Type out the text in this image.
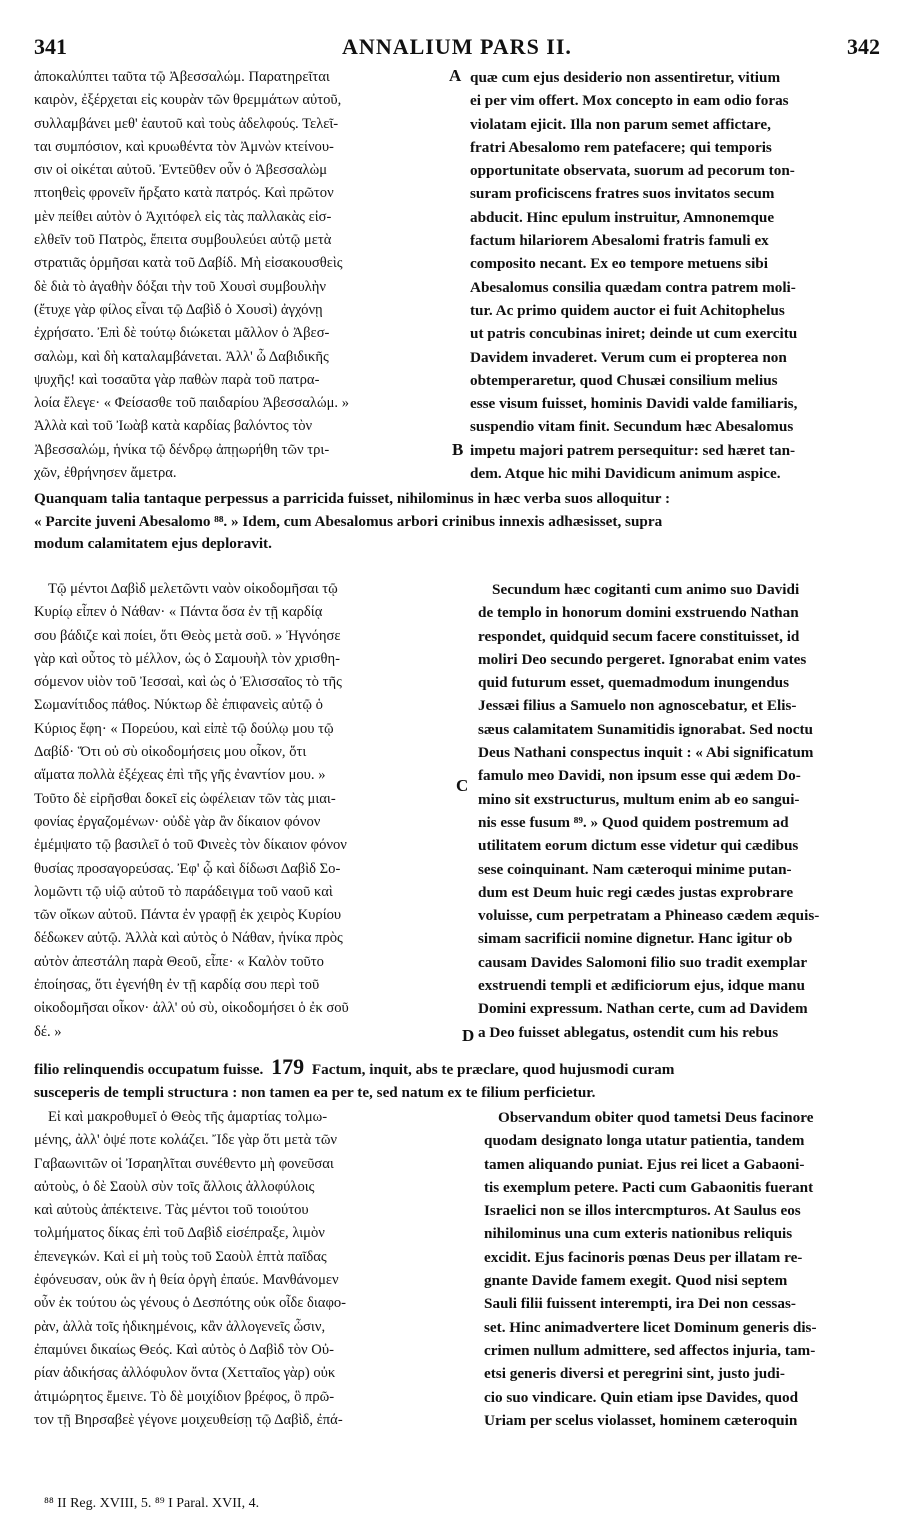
341	ANNALIUM PARS II.	342
A
B
C
D
ἀποκαλύπτει ταῦτα τῷ Ἀβεσσαλώμ. Παρατηρεῖται
καιρὸν, ἐξέρχεται εἰς κουρὰν τῶν θρεμμάτων αὐτοῦ,
συλλαμβάνει μεθ' ἑαυτοῦ καὶ τοὺς ἀδελφούς. Τελεῖ-
ται συμπόσιον, καὶ κρυωθέντα τὸν Ἀμνὼν κτείνου-
σιν οἱ οἰκέται αὐτοῦ. Ἐντεῦθεν οὖν ὁ Ἀβεσσαλὼμ
πτοηθεὶς φρονεῖν ἤρξατο κατὰ πατρός. Καὶ πρῶτον
μὲν πείθει αὐτὸν ὁ Ἀχιτόφελ εἰς τὰς παλλακὰς εἰσ-
ελθεῖν τοῦ Πατρὸς, ἔπειτα συμβουλεύει αὐτῷ μετὰ
στρατιᾶς ὁρμῆσαι κατὰ τοῦ Δαβίδ. Μὴ εἰσακουσθεὶς
δὲ διὰ τὸ ἀγαθὴν δόξαι τὴν τοῦ Χουσὶ συμβουλὴν
(ἔτυχε γὰρ φίλος εἶναι τῷ Δαβὶδ ὁ Χουσὶ) ἀγχόνῃ
ἐχρήσατο. Ἐπὶ δὲ τούτῳ διώκεται μᾶλλον ὁ Ἀβεσ-
σαλὼμ, καὶ δὴ καταλαμβάνεται. Ἀλλ' ὦ Δαβιδικῆς
ψυχῆς! καὶ τοσαῦτα γὰρ παθὼν παρὰ τοῦ πατρα-
λοία ἔλεγε· « Φείσασθε τοῦ παιδαρίου Ἀβεσσαλώμ. »
Ἀλλὰ καὶ τοῦ Ἰωὰβ κατὰ καρδίας βαλόντος τὸν
Ἀβεσσαλώμ, ἡνίκα τῷ δένδρῳ ἀπῃωρήθη τῶν τρι-
χῶν, ἐθρήνησεν ἄμετρα.
quæ cum ejus desiderio non assentiretur, vitium
ei per vim offert. Mox concepto in eam odio foras
violatam ejicit. Illa non parum semet affictare,
fratri Abesalomo rem patefacere; qui temporis
opportunitate observata, suorum ad pecorum ton-
suram proficiscens fratres suos invitatos secum
abducit. Hinc epulum instruitur, Amnonemque
factum hilariorem Abesalomi fratris famuli ex
composito necant. Ex eo tempore metuens sibi
Abesalomus consilia quædam contra patrem moli-
tur. Ac primo quidem auctor ei fuit Achitophelus
ut patris concubinas iniret; deinde ut cum exercitu
Davidem invaderet. Verum cum ei propterea non
obtemperaretur, quod Chusæi consilium melius
esse visum fuisset, hominis Davidi valde familiaris,
suspendio vitam finit. Secundum hæc Abesalomus
impetu majori patrem persequitur: sed hæret tan-
dem. Atque hic mihi Davidicum animum aspice.
Quanquam talia tantaque perpessus a parricida fuisset, nihilominus in hæc verba suos alloquitur :
« Parcite juveni Abesalomo ⁸⁸. » Idem, cum Abesalomus arbori crinibus innexis adhæsisset, supra
modum calamitatem ejus deploravit.
Τῷ μέντοι Δαβὶδ μελετῶντι ναὸν οἰκοδομῆσαι τῷ
Κυρίῳ εἶπεν ὁ Νάθαν· « Πάντα ὅσα ἐν τῇ καρδίᾳ
σου βάδιζε καὶ ποίει, ὅτι Θεὸς μετὰ σοῦ. » Ἠγνόησε
γὰρ καὶ οὗτος τὸ μέλλον, ὡς ὁ Σαμουὴλ τὸν χρισθη-
σόμενον υἱὸν τοῦ Ἰεσσαὶ, καὶ ὡς ὁ Ἐλισσαῖος τὸ τῆς
Σωμανίτιδος πάθος. Νύκτωρ δὲ ἐπιφανεὶς αὐτῷ ὁ
Κύριος ἔφη· « Πορεύου, καὶ εἰπὲ τῷ δούλῳ μου τῷ
Δαβίδ· Ὅτι οὐ σὺ οἰκοδομήσεις μου οἶκον, ὅτι
αἵματα πολλὰ ἐξέχεας ἐπὶ τῆς γῆς ἐναντίον μου. »
Τοῦτο δὲ εἰρῆσθαι δοκεῖ εἰς ὠφέλειαν τῶν τὰς μιαι-
φονίας ἐργαζομένων· οὐδὲ γὰρ ἂν δίκαιον φόνον
ἐμέμψατο τῷ βασιλεῖ ὁ τοῦ Φινεὲς τὸν δίκαιον φόνον
θυσίας προσαγορεύσας. Ἐφ' ᾧ καὶ δίδωσι Δαβὶδ Σο-
λομῶντι τῷ υἱῷ αὐτοῦ τὸ παράδειγμα τοῦ ναοῦ καὶ
τῶν οἴκων αὐτοῦ. Πάντα ἐν γραφῇ ἐκ χειρὸς Κυρίου
δέδωκεν αὐτῷ. Ἀλλὰ καὶ αὐτὸς ὁ Νάθαν, ἡνίκα πρὸς
αὐτὸν ἀπεστάλη παρὰ Θεοῦ, εἶπε· « Καλὸν τοῦτο
ἐποίησας, ὅτι ἐγενήθη ἐν τῇ καρδίᾳ σου περὶ τοῦ
οἰκοδομῆσαι οἶκον· ἀλλ' οὐ σὺ, οἰκοδομήσει ὁ ἐκ σοῦ
δέ. »
Secundum hæc cogitanti cum animo suo Davidi
de templo in honorum domini exstruendo Nathan
respondet, quidquid secum facere constituisset, id
moliri Deo secundo pergeret. Ignorabat enim vates
quid futurum esset, quemadmodum inungendus
Jessæi filius a Samuelo non agnoscebatur, et Elis-
sæus calamitatem Sunamitidis ignorabat. Sed noctu
Deus Nathani conspectus inquit : « Abi significatum
famulo meo Davidi, non ipsum esse qui ædem Do-
mino sit exstructurus, multum enim ab eo sangui-
nis esse fusum ⁸⁹. » Quod quidem postremum ad
utilitatem eorum dictum esse videtur qui cædibus
sese coinquinant. Nam cæteroqui minime putan-
dum est Deum huic regi cædes justas exprobrare
voluisse, cum perpetratam a Phineaso cædem æquis-
simam sacrificii nomine dignetur. Hanc igitur ob
causam Davides Salomoni filio suo tradit exemplar
exstruendi templi et ædificiorum ejus, idque manu
Domini expressum. Nathan certe, cum ad Davidem
a Deo fuisset ablegatus, ostendit cum his rebus
filio relinquendis occupatum fuisse. 179 Factum, inquit, abs te præclare, quod hujusmodi curam
susceperis de templi structura : non tamen ea per te, sed natum ex te filium perficietur.
Εἰ καὶ μακροθυμεῖ ὁ Θεὸς τῆς ἁμαρτίας τολμω-
μένης, ἀλλ' ὀψέ ποτε κολάζει. Ἴδε γὰρ ὅτι μετὰ τῶν
Γαβαωνιτῶν οἱ Ἰσραηλῖται συνέθεντο μὴ φονεῦσαι
αὐτοὺς, ὁ δὲ Σαοὺλ σὺν τοῖς ἄλλοις ἀλλοφύλοις
καὶ αὐτοὺς ἀπέκτεινε. Τὰς μέντοι τοῦ τοιούτου
τολμήματος δίκας ἐπὶ τοῦ Δαβὶδ εἰσέπραξε, λιμὸν
ἐπενεγκών. Καὶ εἰ μὴ τοὺς τοῦ Σαοὺλ ἑπτὰ παῖδας
ἐφόνευσαν, οὐκ ἂν ἡ θεία ὀργὴ ἐπαύε. Μανθάνομεν
οὖν ἐκ τούτου ὡς γένους ὁ Δεσπότης οὐκ οἶδε διαφο-
ρὰν, ἀλλὰ τοῖς ἠδικημένοις, κἂν ἀλλογενεῖς ὦσιν,
ἐπαμύνει δικαίως Θεός. Καὶ αὐτὸς ὁ Δαβὶδ τὸν Οὐ-
ρίαν ἀδικήσας ἀλλόφυλον ὄντα (Χετταῖος γὰρ) οὐκ
ἀτιμώρητος ἔμεινε. Τὸ δὲ μοιχίδιον βρέφος, ὃ πρῶ-
τον τῇ Βηρσαβεὲ γέγονε μοιχευθείσῃ τῷ Δαβὶδ, ἐπά-
Observandum obiter quod tametsi Deus facinore
quodam designato longa utatur patientia, tandem
tamen aliquando puniat. Ejus rei licet a Gabaoni-
tis exemplum petere. Pacti cum Gabaonitis fuerant
Israelici non se illos intercmpturos. At Saulus eos
nihilominus una cum exteris nationibus reliquis
excidit. Ejus facinoris pœnas Deus per illatam re-
gnante Davide famem exegit. Quod nisi septem
Sauli filii fuissent interempti, ira Dei non cessas-
set. Hinc animadvertere licet Dominum generis dis-
crimen nullum admittere, sed affectos injuria, tam-
etsi generis diversi et peregrini sint, justo judi-
cio suo vindicare. Quin etiam ipse Davides, quod
Uriam per scelus violasset, hominem cæteroquin
⁸⁸ II Reg. XVIII, 5. ⁸⁹ I Paral. XVII, 4.
